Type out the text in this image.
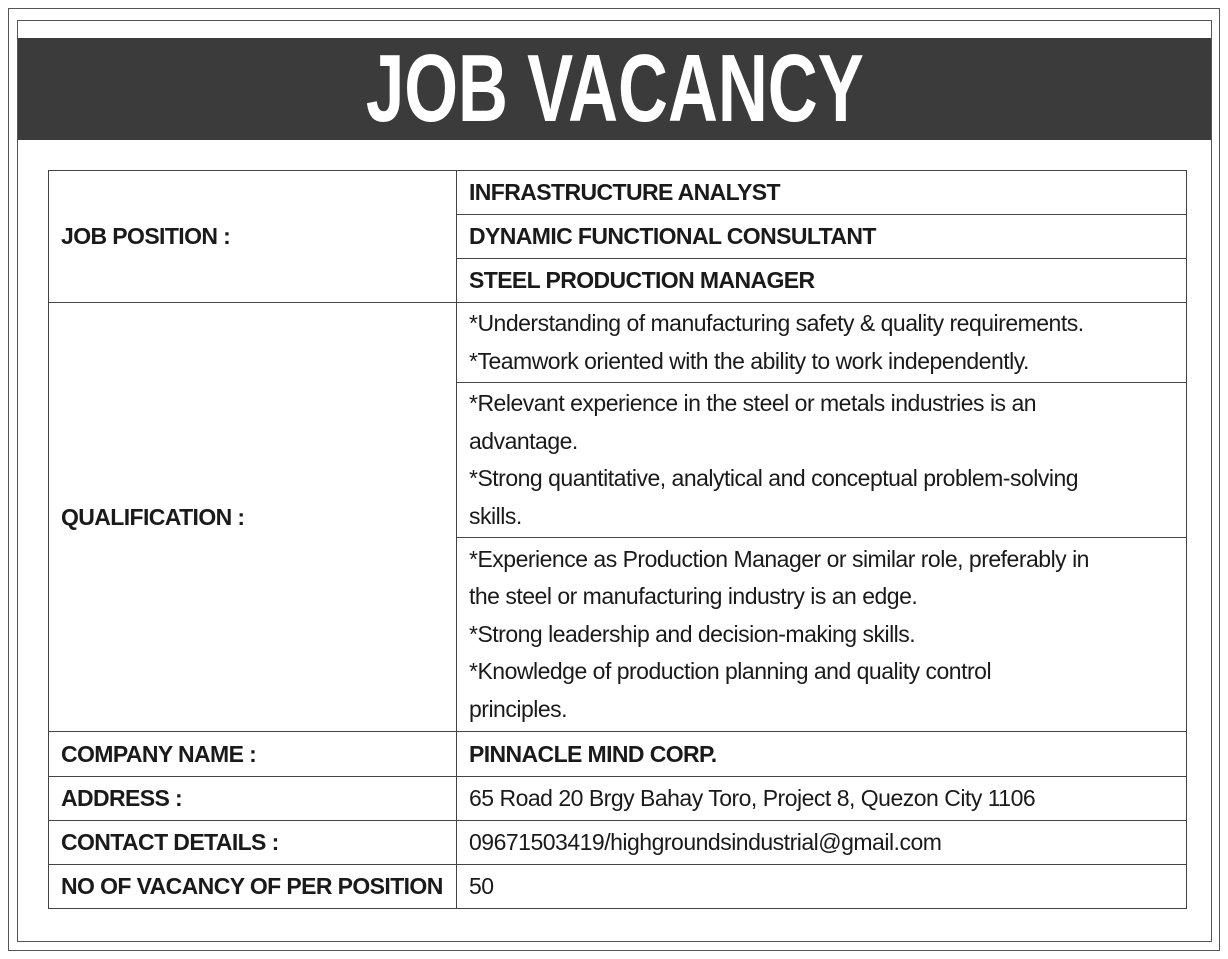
JOB VACANCY
JOB POSITION :	INFRASTRUCTURE ANALYST
	DYNAMIC FUNCTIONAL CONSULTANT
	STEEL PRODUCTION MANAGER
QUALIFICATION :	*Understanding of manufacturing safety & quality requirements.
*Teamwork oriented with the ability to work independently.

	*Relevant experience in the steel or metals industries is an
advantage.
*Strong quantitative, analytical and conceptual problem-solving
skills.

	*Experience as Production Manager or similar role, preferably in
the steel or manufacturing industry is an edge.
*Strong leadership and decision-making skills.
*Knowledge of production planning and quality control
principles.

COMPANY NAME :	PINNACLE MIND CORP.
ADDRESS :	65 Road 20 Brgy Bahay Toro, Project 8, Quezon City 1106
CONTACT DETAILS :	09671503419/highgroundsindustrial@gmail.com
NO OF VACANCY OF PER POSITION	50
